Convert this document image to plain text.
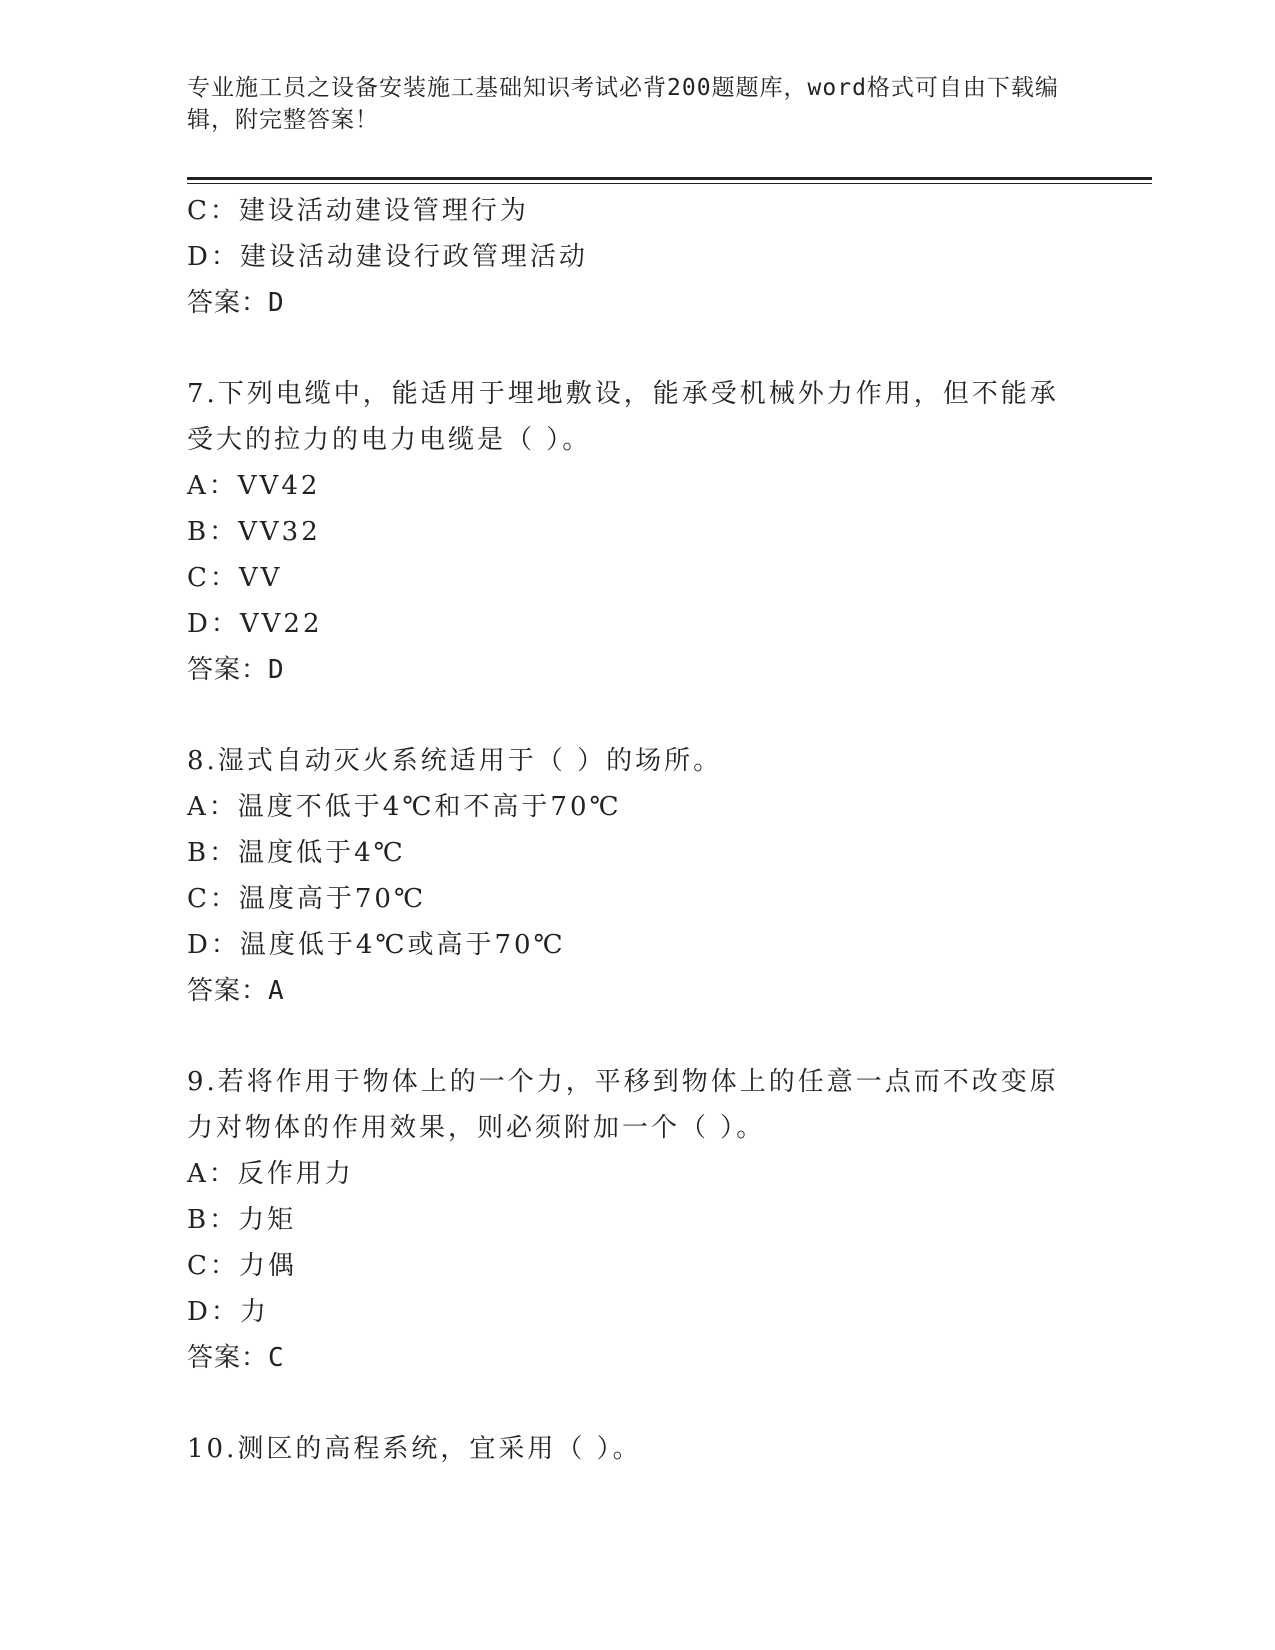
专业施工员之设备安装施工基础知识考试必背200题题库，word格式可自由下载编辑，附完整答案！
C：建设活动建设管理行为
D：建设活动建设行政管理活动
答案：D
7.下列电缆中，能适用于埋地敷设，能承受机械外力作用，但不能承
受大的拉力的电力电缆是（ ）。
A：VV42
B：VV32
C：VV
D：VV22
答案：D
8.湿式自动灭火系统适用于（ ）的场所。
A：温度不低于4℃和不高于70℃
B：温度低于4℃
C：温度高于70℃
D：温度低于4℃或高于70℃
答案：A
9.若将作用于物体上的一个力，平移到物体上的任意一点而不改变原
力对物体的作用效果，则必须附加一个（ ）。
A：反作用力
B：力矩
C：力偶
D：力
答案：C
10.测区的高程系统，宜采用（ ）。
